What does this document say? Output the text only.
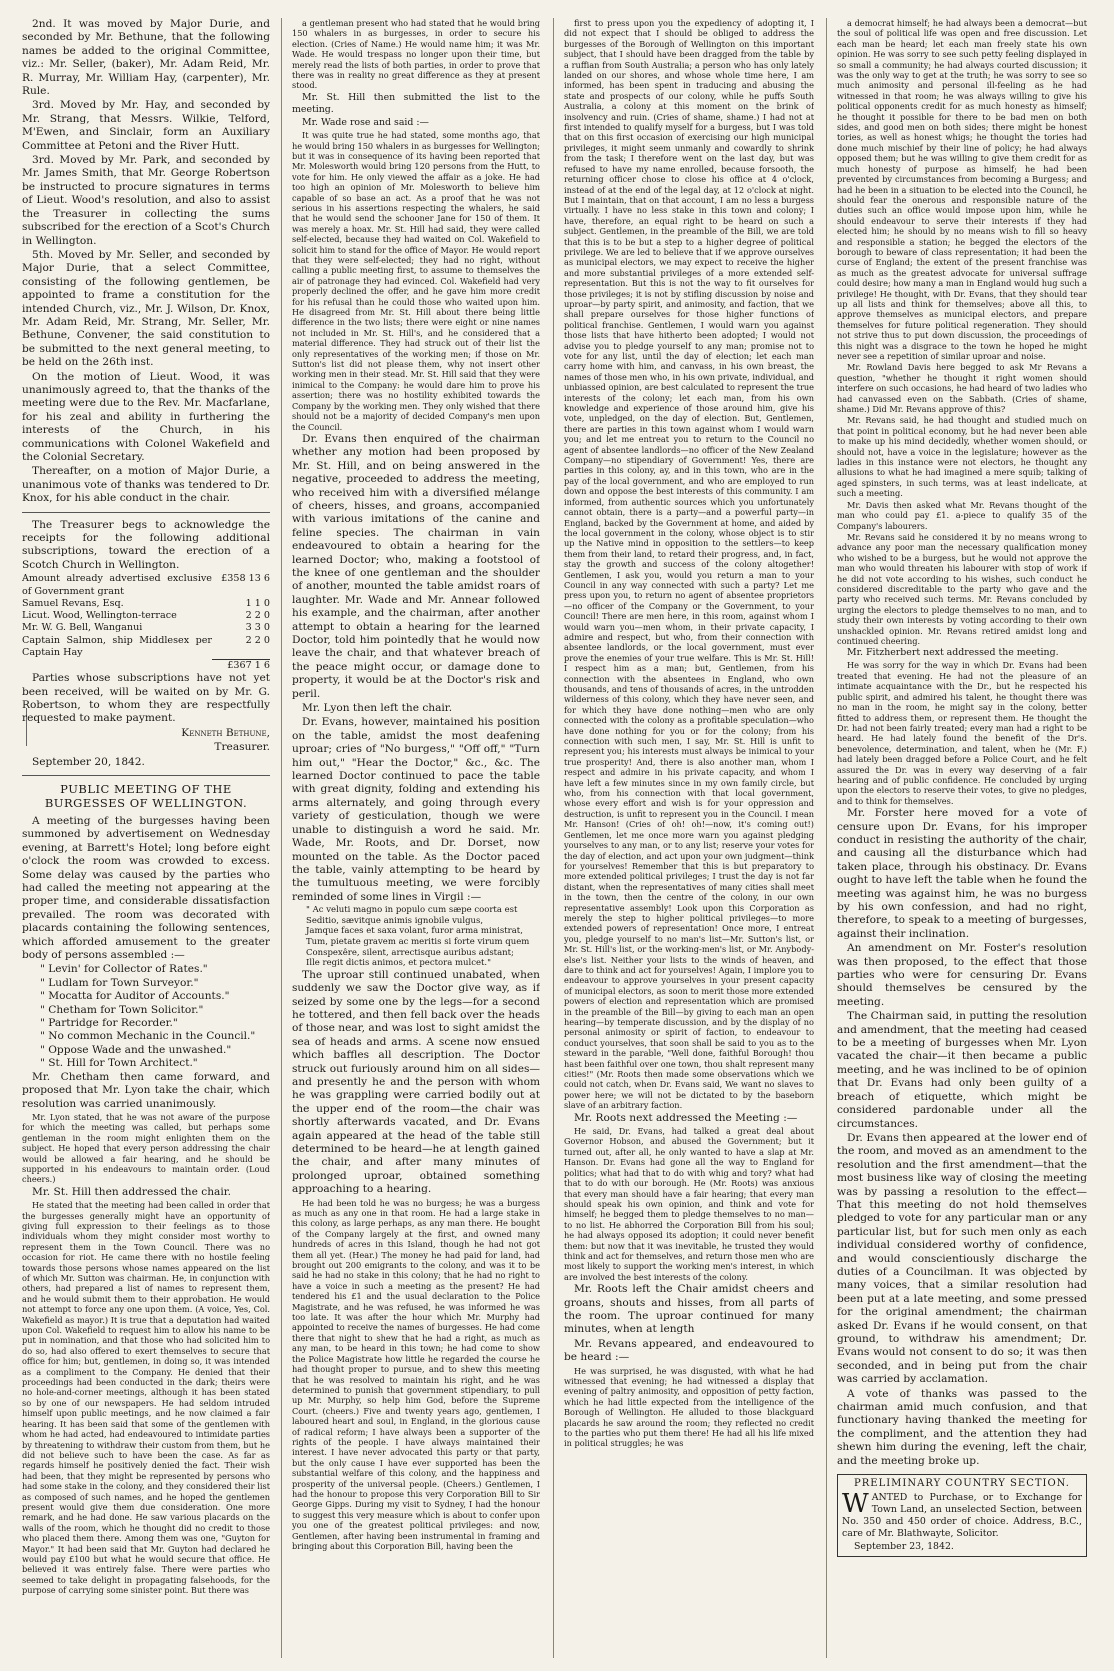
2nd. It was moved by Major Durie, and seconded by Mr. Bethune, that the following names be added to the original Committee, viz.: Mr. Seller, (baker), Mr. Adam Reid, Mr. R. Murray, Mr. William Hay, (carpenter), Mr. Rule.

3rd. Moved by Mr. Hay, and seconded by Mr. Strang, that Messrs. Wilkie, Telford, M'Ewen, and Sinclair, form an Auxiliary Committee at Petoni and the River Hutt.

3rd. Moved by Mr. Park, and seconded by Mr. James Smith, that Mr. George Robertson be instructed to procure signatures in terms of Lieut. Wood's resolution, and also to assist the Treasurer in collecting the sums subscribed for the erection of a Scot's Church in Wellington.

5th. Moved by Mr. Seller, and seconded by Major Durie, that a select Committee, consisting of the following gentlemen, be appointed to frame a constitution for the intended Church, viz., Mr. J. Wilson, Dr. Knox, Mr. Adam Reid, Mr. Strang, Mr. Seller, Mr. Bethune, Convener, the said constitution to be submitted to the next general meeting, to be held on the 26th inst.

On the motion of Lieut. Wood, it was unanimously agreed to, that the thanks of the meeting were due to the Rev. Mr. Macfarlane, for his zeal and ability in furthering the interests of the Church, in his communications with Colonel Wakefield and the Colonial Secretary.

Thereafter, on a motion of Major Durie, a unanimous vote of thanks was tendered to Dr. Knox, for his able conduct in the chair.

The Treasurer begs to acknowledge the receipts for the following additional subscriptions, toward the erection of a Scotch Church in Wellington.

Amount already advertised exclusive of Government grant	£358 13 6
Samuel Revans, Esq.	1 1 0
Licut. Wood, Wellington-terrace	2 2 0
Mr. W. G. Bell, Wanganui	3 3 0
Captain Salmon, ship Middlesex per Captain Hay	2 2 0
	£367 1 6

Parties whose subscriptions have not yet been received, will be waited on by Mr. G. Robertson, to whom they are respectfully requested to make payment.

Kenneth Bethune,

Treasurer.

September 20, 1842.

PUBLIC MEETING OF THE BURGESSES OF WELLINGTON.

A meeting of the burgesses having been summoned by advertisement on Wednesday evening, at Barrett's Hotel; long before eight o'clock the room was crowded to excess. Some delay was caused by the parties who had called the meeting not appearing at the proper time, and considerable dissatisfaction prevailed. The room was decorated with placards containing the following sentences, which afforded amusement to the greater body of persons assembled :—

" Levin' for Collector of Rates."
" Ludlam for Town Surveyor."
" Mocatta for Auditor of Accounts."
" Chetham for Town Solicitor."
" Partridge for Recorder."
" No common Mechanic in the Council."
" Oppose Wade and the unwashed."
" St. Hill for Town Architect."

Mr. Chetham then came forward, and proposed that Mr. Lyon take the chair, which resolution was carried unanimously.

Mr. Lyon stated, that he was not aware of the purpose for which the meeting was called, but perhaps some gentleman in the room might enlighten them on the subject. He hoped that every person addressing the chair would be allowed a fair hearing, and he should be supported in his endeavours to maintain order. (Loud cheers.)

Mr. St. Hill then addressed the chair.

He stated that the meeting had been called in order that the burgesses generally might have an opportunity of giving full expression to their feelings as to those individuals whom they might consider most worthy to represent them in the Town Council. There was no occasion for riot. He came there with no hostile feeling towards those persons whose names appeared on the list of which Mr. Sutton was chairman. He, in conjunction with others, had prepared a list of names to represent them, and he would submit them to their approbation. He would not attempt to force any one upon them. (A voice, Yes, Col. Wakefield as mayor.) It is true that a deputation had waited upon Col. Wakefield to request him to allow his name to be put in nomination, and that those who had solicited him to do so, had also offered to exert themselves to secure that office for him; but, gentlemen, in doing so, it was intended as a compliment to the Company. He denied that their proceedings had been conducted in the dark; theirs were no hole-and-corner meetings, although it has been stated so by one of our newspapers. He had seldom intruded himself upon public meetings, and he now claimed a fair hearing. It has been said that some of the gentlemen with whom he had acted, had endeavoured to intimidate parties by threatening to withdraw their custom from them, but he did not believe such to have been the case. As far as regards himself he positively denied the fact. Their wish had been, that they might be represented by persons who had some stake in the colony, and they considered their list as composed of such names, and he hoped the gentlemen present would give them due consideration. One more remark, and he had done. He saw various placards on the walls of the room, which he thought did no credit to those who placed them there. Among them was one, "Guyton for Mayor." It had been said that Mr. Guyton had declared he would pay £100 but what he would secure that office. He believed it was entirely false. There were parties who seemed to take delight in propagating falsehoods, for the purpose of carrying some sinister point. But there was

a gentleman present who had stated that he would bring 150 whalers in as burgesses, in order to secure his election. (Cries of Name.) He would name him; it was Mr. Wade. He would trespass no longer upon their time, but merely read the lists of both parties, in order to prove that there was in reality no great difference as they at present stood.

Mr. St. Hill then submitted the list to the meeting.

Mr. Wade rose and said :—

It was quite true he had stated, some months ago, that he would bring 150 whalers in as burgesses for Wellington; but it was in consequence of its having been reported that Mr. Molesworth would bring 120 persons from the Hutt, to vote for him. He only viewed the affair as a joke. He had too high an opinion of Mr. Molesworth to believe him capable of so base an act. As a proof that he was not serious in his assertions respecting the whalers, he said that he would send the schooner Jane for 150 of them. It was merely a hoax. Mr. St. Hill had said, they were called self-elected, because they had waited on Col. Wakefield to solicit him to stand for the office of Mayor. He would report that they were self-elected; they had no right, without calling a public meeting first, to assume to themselves the air of patronage they had evinced. Col. Wakefield had very properly declined the offer, and he gave him more credit for his refusal than he could those who waited upon him. He disagreed from Mr. St. Hill about there being little difference in the two lists; there were eight or nine names not included in Mr. St. Hill's, and he considered that a material difference. They had struck out of their list the only representatives of the working men; if those on Mr. Sutton's list did not please them, why not insert other working men in their stead. Mr. St. Hill said that they were inimical to the Company: he would dare him to prove his assertion; there was no hostility exhibited towards the Company by the working men. They only wished that there should not be a majority of decided Company's men upon the Council.

Dr. Evans then enquired of the chairman whether any motion had been proposed by Mr. St. Hill, and on being answered in the negative, proceeded to address the meeting, who received him with a diversified mélange of cheers, hisses, and groans, accompanied with various imitations of the canine and feline species. The chairman in vain endeavoured to obtain a hearing for the learned Doctor; who, making a footstool of the knee of one gentleman and the shoulder of another, mounted the table amidst roars of laughter. Mr. Wade and Mr. Annear followed his example, and the chairman, after another attempt to obtain a hearing for the learned Doctor, told him pointedly that he would now leave the chair, and that whatever breach of the peace might occur, or damage done to property, it would be at the Doctor's risk and peril.

Mr. Lyon then left the chair.

Dr. Evans, however, maintained his position on the table, amidst the most deafening uproar; cries of "No burgess," "Off off," "Turn him out," "Hear the Doctor," &c., &c. The learned Doctor continued to pace the table with great dignity, folding and extending his arms alternately, and going through every variety of gesticulation, though we were unable to distinguish a word he said. Mr. Wade, Mr. Roots, and Dr. Dorset, now mounted on the table. As the Doctor paced the table, vainly attempting to be heard by the tumultuous meeting, we were forcibly reminded of some lines in Virgil :—

" Ac veluti magno in populo cum sæpe coorta est
Seditio, sævitque animis ignobile vulgus,
Jamque faces et saxa volant, furor arma ministrat,
Tum, pietate gravem ac meritis si forte virum quem
Conspexêre, silent, arrectisque auribus adstant;
Ille regit dictis animos, et pectora mulcet."

The uproar still continued unabated, when suddenly we saw the Doctor give way, as if seized by some one by the legs—for a second he tottered, and then fell back over the heads of those near, and was lost to sight amidst the sea of heads and arms. A scene now ensued which baffles all description. The Doctor struck out furiously around him on all sides—and presently he and the person with whom he was grappling were carried bodily out at the upper end of the room—the chair was shortly afterwards vacated, and Dr. Evans again appeared at the head of the table still determined to be heard—he at length gained the chair, and after many minutes of prolonged uproar, obtained something approaching to a hearing.

He had been told he was no burgess; he was a burgess as much as any one in that room. He had a large stake in this colony, as large perhaps, as any man there. He bought of the Company largely at the first, and owned many hundreds of acres in this Island, though he had not got them all yet. (Hear.) The money he had paid for land, had brought out 200 emigrants to the colony, and was it to be said he had no stake in this colony; that he had no right to have a voice in such a meeting as the present? He had tendered his £1 and the usual declaration to the Police Magistrate, and he was refused, he was informed he was too late. It was after the hour which Mr. Murphy had appointed to receive the names of burgesses. He had come there that night to shew that he had a right, as much as any man, to be heard in this town; he had come to show the Police Magistrate how little he regarded the course he had thought proper to pursue, and to shew this meeting that he was resolved to maintain his right, and he was determined to punish that government stipendiary, to pull up Mr. Murphy, so help him God, before the Supreme Court. (cheers.) Five and twenty years ago, gentlemen, I laboured heart and soul, in England, in the glorious cause of radical reform; I have always been a supporter of the rights of the people. I have always maintained their interest. I have never advocated this party or that party, but the only cause I have ever supported has been the substantial welfare of this colony, and the happiness and prosperity of the universal people. (Cheers.) Gentlemen, I had the honour to propose this very Corporation Bill to Sir George Gipps. During my visit to Sydney, I had the honour to suggest this very measure which is about to confer upon you one of the greatest political privileges: and now, Gentlemen, after having been instrumental in framing and bringing about this Corporation Bill, having been the

first to press upon you the expediency of adopting it, I did not expect that I should be obliged to address the burgesses of the Borough of Wellington on this important subject, that I should have been dragged from the table by a ruffian from South Australia; a person who has only lately landed on our shores, and whose whole time here, I am informed, has been spent in traducing and abusing the state and prospects of our colony, while he puffs South Australia, a colony at this moment on the brink of insolvency and ruin. (Cries of shame, shame.) I had not at first intended to qualify myself for a burgess, but I was told that on this first occasion of exercising our high municipal privileges, it might seem unmanly and cowardly to shrink from the task; I therefore went on the last day, but was refused to have my name enrolled, because forsooth, the returning officer chose to close his office at 4 o'clock, instead of at the end of the legal day, at 12 o'clock at night. But I maintain, that on that account, I am no less a burgess virtually. I have no less stake in this town and colony; I have, therefore, an equal right to be heard on such a subject. Gentlemen, in the preamble of the Bill, we are told that this is to be but a step to a higher degree of political privilege. We are led to believe that if we approve ourselves as municipal electors, we may expect to receive the higher and more substantial privileges of a more extended self-representation. But this is not the way to fit ourselves for those privileges; it is not by stifling discussion by noise and uproar—by party spirit, and animosity, and faction, that we shall prepare ourselves for those higher functions of political franchise. Gentlemen, I would warn you against those lists that have hitherto been adopted; I would not advise you to pledge yourself to any man; promise not to vote for any list, until the day of election; let each man carry home with him, and canvass, in his own breast, the names of those men who, in his own private, individual, and unbiassed opinion, are best calculated to represent the true interests of the colony; let each man, from his own knowledge and experience of those around him, give his vote, unpledged, on the day of election. But, Gentlemen, there are parties in this town against whom I would warn you; and let me entreat you to return to the Council no agent of absentee landlords—no officer of the New Zealand Company—no stipendiary of Government! Yes, there are parties in this colony, ay, and in this town, who are in the pay of the local government, and who are employed to run down and oppose the best interests of this community. I am informed, from authentic sources which you unfortunately cannot obtain, there is a party—and a powerful party—in England, backed by the Government at home, and aided by the local government in the colony, whose object is to stir up the Native mind in opposition to the settlers—to keep them from their land, to retard their progress, and, in fact, stay the growth and success of the colony altogether! Gentlemen, I ask you, would you return a man to your Council in any way connected with such a party? Let me press upon you, to return no agent of absentee proprietors—no officer of the Company or the Government, to your Council! There are men here, in this room, against whom I would warn you—men whom, in their private capacity, I admire and respect, but who, from their connection with absentee landlords, or the local government, must ever prove the enemies of your true welfare. This is Mr. St. Hill! I respect him as a man; but, Gentlemen, from his connection with the absentees in England, who own thousands, and tens of thousands of acres, in the untrodden wilderness of this colony, which they have never seen, and for which they have done nothing—men who are only connected with the colony as a profitable speculation—who have done nothing for you or for the colony; from his connection with such men, I say, Mr. St. Hill is unfit to represent you; his interests must always be inimical to your true prosperity! And, there is also another man, whom I respect and admire in his private capacity, and whom I have left a few minutes since in my own family circle, but who, from his connection with that local government, whose every effort and wish is for your oppression and destruction, is unfit to represent you in the Council. I mean Mr. Hanson! (Cries of oh! oh!—now, it's coming out!) Gentlemen, let me once more warn you against pledging yourselves to any man, or to any list; reserve your votes for the day of election, and act upon your own judgment—think for yourselves! Remember that this is but preparatory to more extended political privileges; I trust the day is not far distant, when the representatives of many cities shall meet in the town, then the centre of the colony, in our own representative assembly! Look upon this Corporation as merely the step to higher political privileges—to more extended powers of representation! Once more, I entreat you, pledge yourself to no man's list—Mr. Sutton's list, or Mr. St. Hill's list, or the working-men's list, or Mr. Anybody-else's list. Neither your lists to the winds of heaven, and dare to think and act for yourselves! Again, I implore you to endeavour to approve yourselves in your present capacity of municipal electors, as soon to merit those more extended powers of election and representation which are promised in the preamble of the Bill—by giving to each man an open hearing—by temperate discussion, and by the display of no personal animosity or spirit of faction, to endeavour to conduct yourselves, that soon shall be said to you as to the steward in the parable, "Well done, faithful Borough! thou hast been faithful over one town, thou shalt represent many cities!" (Mr. Roots then made some observations which we could not catch, when Dr. Evans said, We want no slaves to power here; we will not be dictated to by the baseborn slave of an arbitrary faction.

Mr. Roots next addressed the Meeting :—

He said, Dr. Evans, had talked a great deal about Governor Hobson, and abused the Government; but it turned out, after all, he only wanted to have a slap at Mr. Hanson. Dr. Evans had gone all the way to England for politics; what had that to do with whig and tory? what had that to do with our borough. He (Mr. Roots) was anxious that every man should have a fair hearing; that every man should speak his own opinion, and think and vote for himself; he begged them to pledge themselves to no man—to no list. He abhorred the Corporation Bill from his soul; he had always opposed its adoption; it could never benefit them: but now that it was inevitable, he trusted they would think and act for themselves, and return those men who are most likely to support the working men's interest, in which are involved the best interests of the colony.

Mr. Roots left the Chair amidst cheers and groans, shouts and hisses, from all parts of the room. The uproar continued for many minutes, when at length

Mr. Revans appeared, and endeavoured to be heard :—

He was surprised, he was disgusted, with what he had witnessed that evening; he had witnessed a display that evening of paltry animosity, and opposition of petty faction, which he had little expected from the intelligence of the Borough of Wellington. He alluded to those blackguard placards he saw around the room; they reflected no credit to the parties who put them there! He had all his life mixed in political struggles; he was

a democrat himself; he had always been a democrat—but the soul of political life was open and free discussion. Let each man be heard; let each man freely state his own opinion. He was sorry to see such petty feeling displayed in so small a community; he had always courted discussion; it was the only way to get at the truth; he was sorry to see so much animosity and personal ill-feeling as he had witnessed in that room; he was always willing to give his political opponents credit for as much honesty as himself; he thought it possible for there to be bad men on both sides, and good men on both sides; there might be honest tories, as well as honest whigs; he thought the tories had done much mischief by their line of policy; he had always opposed them; but he was willing to give them credit for as much honesty of purpose as himself; he had been prevented by circumstances from becoming a Burgess; and had he been in a situation to be elected into the Council, he should fear the onerous and responsible nature of the duties such an office would impose upon him, while he should endeavour to serve their interests if they had elected him; he should by no means wish to fill so heavy and responsible a station; he begged the electors of the borough to beware of class representation; it had been the curse of England; the extent of the present franchise was as much as the greatest advocate for universal suffrage could desire; how many a man in England would hug such a privilege! He thought, with Dr. Evans, that they should tear up all lists and think for themselves; above all this, to approve themselves as municipal electors, and prepare themselves for future political regeneration. They should not strive thus to put down discussion, the proceedings of this night was a disgrace to the town he hoped he might never see a repetition of similar uproar and noise.

Mr. Rowland Davis here begged to ask Mr Revans a question, "whether he thought it right women should interfere on such occasions, he had heard of two ladies who had canvassed even on the Sabbath. (Cries of shame, shame.) Did Mr. Revans approve of this?

Mr. Revans said, he had thought and studied much on that point in political economy, but he had never been able to make up his mind decidedly, whether women should, or should not, have a voice in the legislature; however as the ladies in this instance were not electors, he thought any allusions to what he had imagined a mere squib; talking of aged spinsters, in such terms, was at least indelicate, at such a meeting.

Mr. Davis then asked what Mr. Revans thought of the man who could pay £1. a-piece to qualify 35 of the Company's labourers.

Mr. Revans said he considered it by no means wrong to advance any poor man the necessary qualification money who wished to be a burgess, but he would not approve the man who would threaten his labourer with stop of work if he did not vote according to his wishes, such conduct he considered discreditable to the party who gave and the party who received such terms. Mr. Revans concluded by urging the electors to pledge themselves to no man, and to study their own interests by voting according to their own unshackled opinion. Mr. Revans retired amidst long and continued cheering.

Mr. Fitzherbert next addressed the meeting.

He was sorry for the way in which Dr. Evans had been treated that evening. He had not the pleasure of an intimate acquaintance with the Dr., but he respected his public spirit, and admired his talent, he thought there was no man in the room, he might say in the colony, better fitted to address them, or represent them. He thought the Dr. had not been fairly treated; every man had a right to be heard. He had lately found the benefit of the Dr's. benevolence, determination, and talent, when he (Mr. F.) had lately been dragged before a Police Court, and he felt assured the Dr. was in every way deserving of a fair hearing and of public confidence. He concluded by urging upon the electors to reserve their votes, to give no pledges, and to think for themselves.

Mr. Forster here moved for a vote of censure upon Dr. Evans, for his improper conduct in resisting the authority of the chair, and causing all the disturbance which had taken place, through his obstinacy. Dr. Evans ought to have left the table when he found the meeting was against him, he was no burgess by his own confession, and had no right, therefore, to speak to a meeting of burgesses, against their inclination.

An amendment on Mr. Foster's resolution was then proposed, to the effect that those parties who were for censuring Dr. Evans should themselves be censured by the meeting.

The Chairman said, in putting the resolution and amendment, that the meeting had ceased to be a meeting of burgesses when Mr. Lyon vacated the chair—it then became a public meeting, and he was inclined to be of opinion that Dr. Evans had only been guilty of a breach of etiquette, which might be considered pardonable under all the circumstances.

Dr. Evans then appeared at the lower end of the room, and moved as an amendment to the resolution and the first amendment—that the most business like way of closing the meeting was by passing a resolution to the effect—That this meeting do not hold themselves pledged to vote for any particular man or any particular list, but for such men only as each individual considered worthy of confidence, and would conscientiously discharge the duties of a Councilman. It was objected by many voices, that a similar resolution had been put at a late meeting, and some pressed for the original amendment; the chairman asked Dr. Evans if he would consent, on that ground, to withdraw his amendment; Dr. Evans would not consent to do so; it was then seconded, and in being put from the chair was carried by acclamation.

A vote of thanks was passed to the chairman amid much confusion, and that functionary having thanked the meeting for the compliment, and the attention they had shewn him during the evening, left the chair, and the meeting broke up.

PRELIMINARY COUNTRY SECTION.
WANTED to Purchase, or to Exchange for Town Land, an unselected Section, between No. 350 and 450 order of choice. Address, B.C., care of Mr. Blathwayte, Solicitor.
September 23, 1842.
